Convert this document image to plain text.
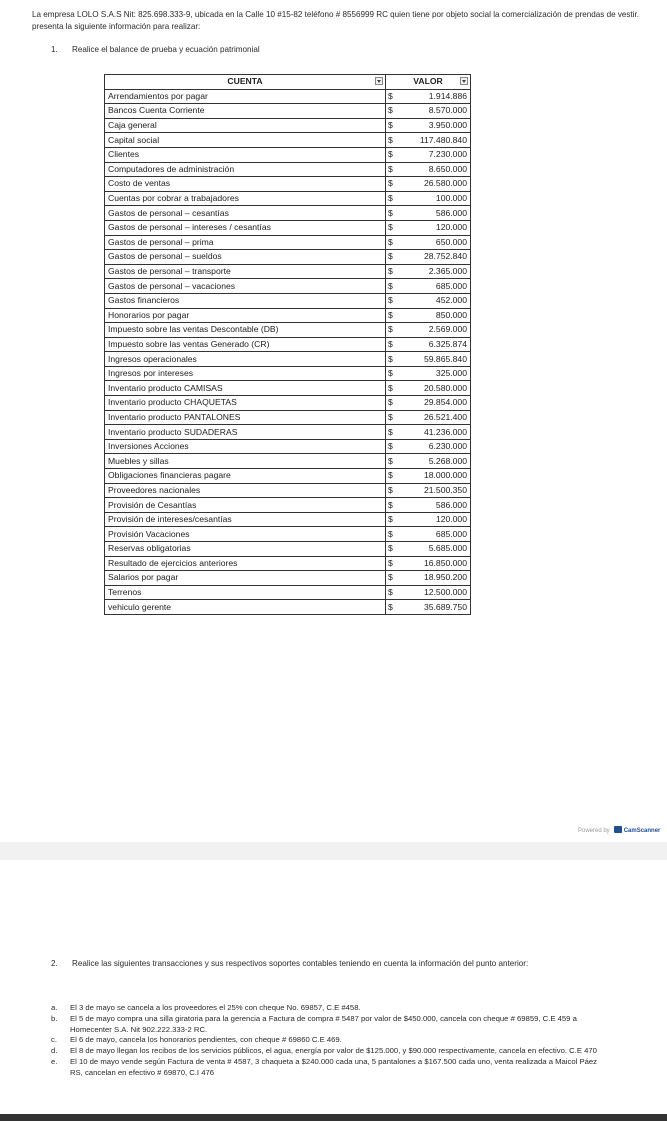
La empresa LOLO S.A.S Nit: 825.698.333-9, ubicada en la Calle 10 #15-82 teléfono # 8556999 RC quien tiene por objeto social la comercialización de prendas de vestir. presenta la siguiente información para realizar:
1. Realice el balance de prueba y ecuación patrimonial
CUENTA	VALOR	

Arrendamientos por pagar	$	1.914.886
Bancos Cuenta Corriente	$	8.570.000
Caja general	$	3.950.000
Capital social	$	117.480.840
Clientes	$	7.230.000
Computadores de administración	$	8.650.000
Costo de ventas	$	26.580.000
Cuentas por cobrar a trabajadores	$	100.000
Gastos de personal – cesantías	$	586.000
Gastos de personal – intereses / cesantías	$	120.000
Gastos de personal – prima	$	650.000
Gastos de personal – sueldos	$	28.752.840
Gastos de personal – transporte	$	2.365.000
Gastos de personal – vacaciones	$	685.000
Gastos financieros	$	452.000
Honorarios por pagar	$	850.000
Impuesto sobre las ventas Descontable (DB)	$	2.569.000
Impuesto sobre las ventas Generado (CR)	$	6.325.874
Ingresos operacionales	$	59.865.840
Ingresos por intereses	$	325.000
Inventario producto CAMISAS	$	20.580.000
Inventario producto CHAQUETAS	$	29.854.000
Inventario producto PANTALONES	$	26.521.400
Inventario producto SUDADERAS	$	41.236.000
Inversiones Acciones	$	6.230.000
Muebles y sillas	$	5.268.000
Obligaciones financieras pagare	$	18.000.000
Proveedores nacionales	$	21.500.350
Provisión de Cesantías	$	586.000
Provisión de intereses/cesantías	$	120.000
Provisión Vacaciones	$	685.000
Reservas obligatorias	$	5.685.000
Resultado de ejercicios anteriores	$	16.850.000
Salarios por pagar	$	18.950.200
Terrenos	$	12.500.000
vehiculo gerente	$	35.689.750
Powered by CamScanner
2. Realice las siguientes transacciones y sus respectivos soportes contables teniendo en cuenta la información del punto anterior:
a. El 3 de mayo se cancela a los proveedores el 25% con cheque No. 69857, C.E #458.
b. El 5 de mayo compra una silla giratoria para la gerencia a Factura de compra # 5487 por valor de $450.000, cancela con cheque # 69859, C.E 459 a Homecenter S.A. Nit 902.222.333-2 RC.
c. El 6 de mayo, cancela los honorarios pendientes, con cheque # 69860 C.E 469.
d. El 8 de mayo llegan los recibos de los servicios públicos, el agua, energía por valor de $125.000, y $90.000 respectivamente, cancela en efectivo. C.E 470
e. El 10 de mayo vende según Factura de venta # 4587, 3 chaqueta a $240.000 cada una, 5 pantalones a $167.500 cada uno, venta realizada a Maicol Páez RS, cancelan en efectivo # 69870, C.I 476
